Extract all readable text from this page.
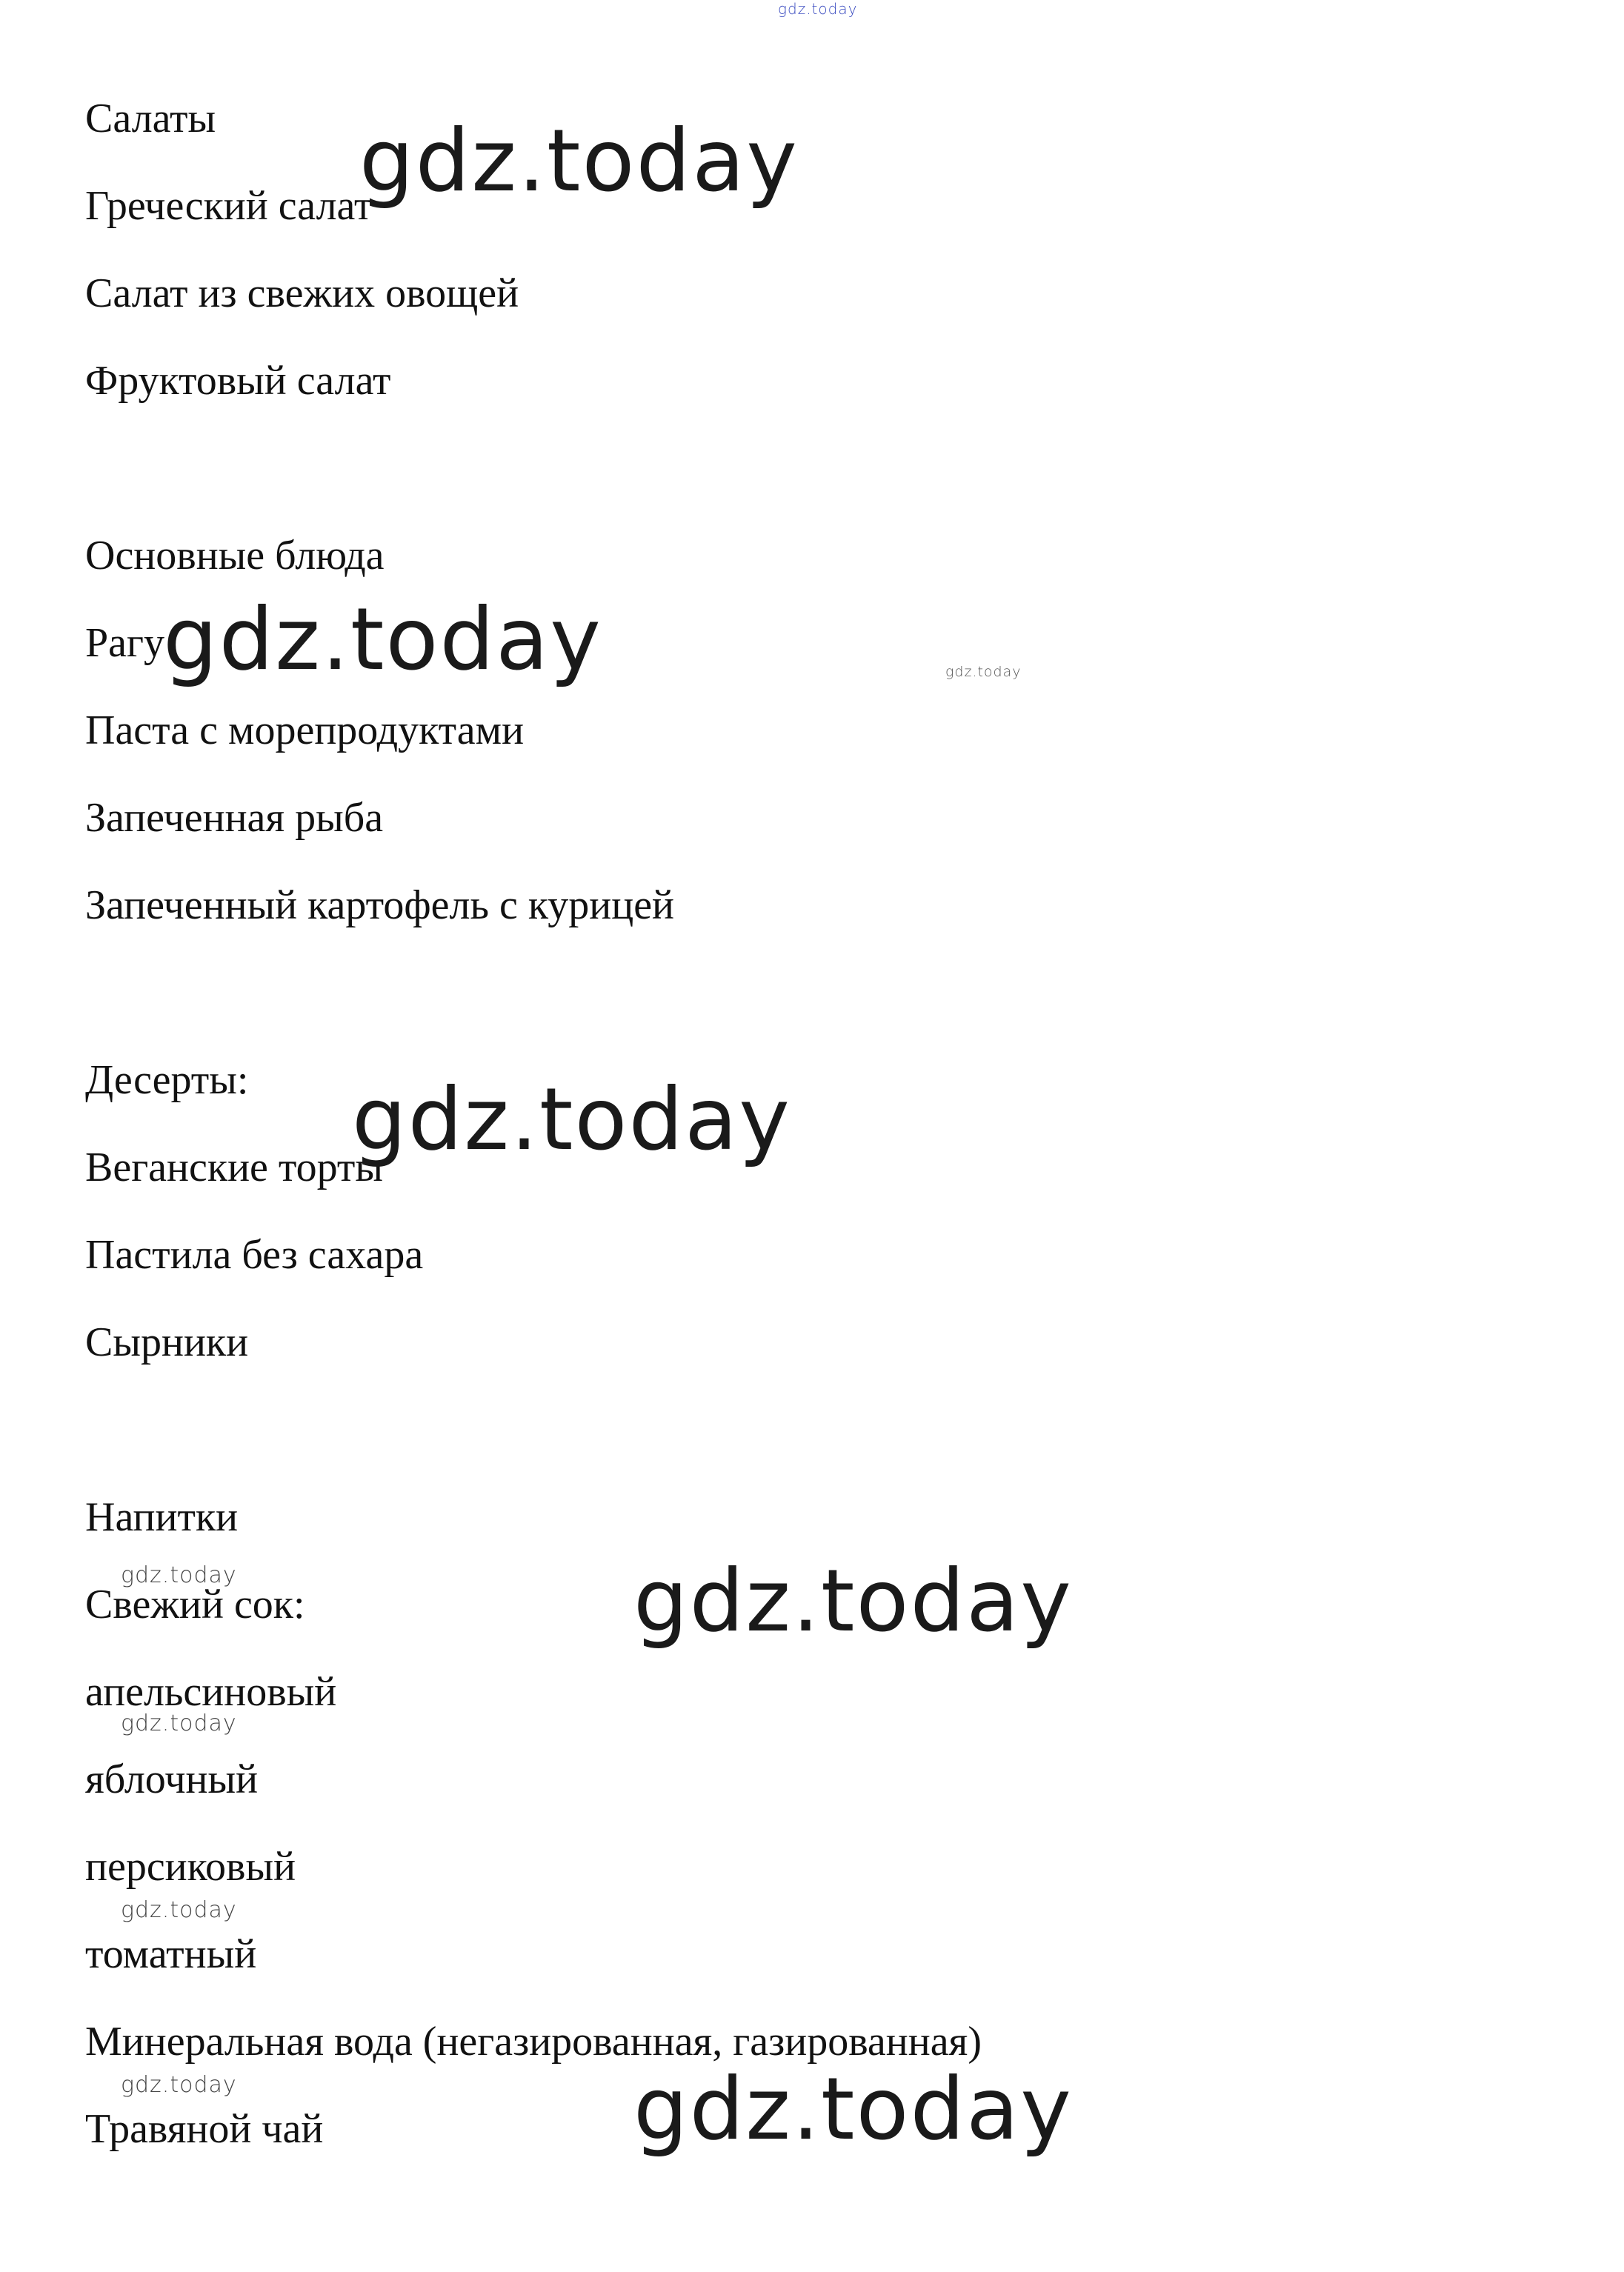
gdz.today
Салаты
Греческий салат
Салат из свежих овощей
Фруктовый салат
Основные блюда
Рагу
Паста с морепродуктами
Запеченная рыба
Запеченный картофель с курицей
Десерты:
Веганские торты
Пастила без сахара
Сырники
Напитки
Свежий сок:
апельсиновый
яблочный
персиковый
томатный
Минеральная вода (негазированная, газированная)
Травяной чай
gdz.today
gdz.today
gdz.today
gdz.today
gdz.today
gdz.today
gdz.today
gdz.today
gdz.today
gdz.today
